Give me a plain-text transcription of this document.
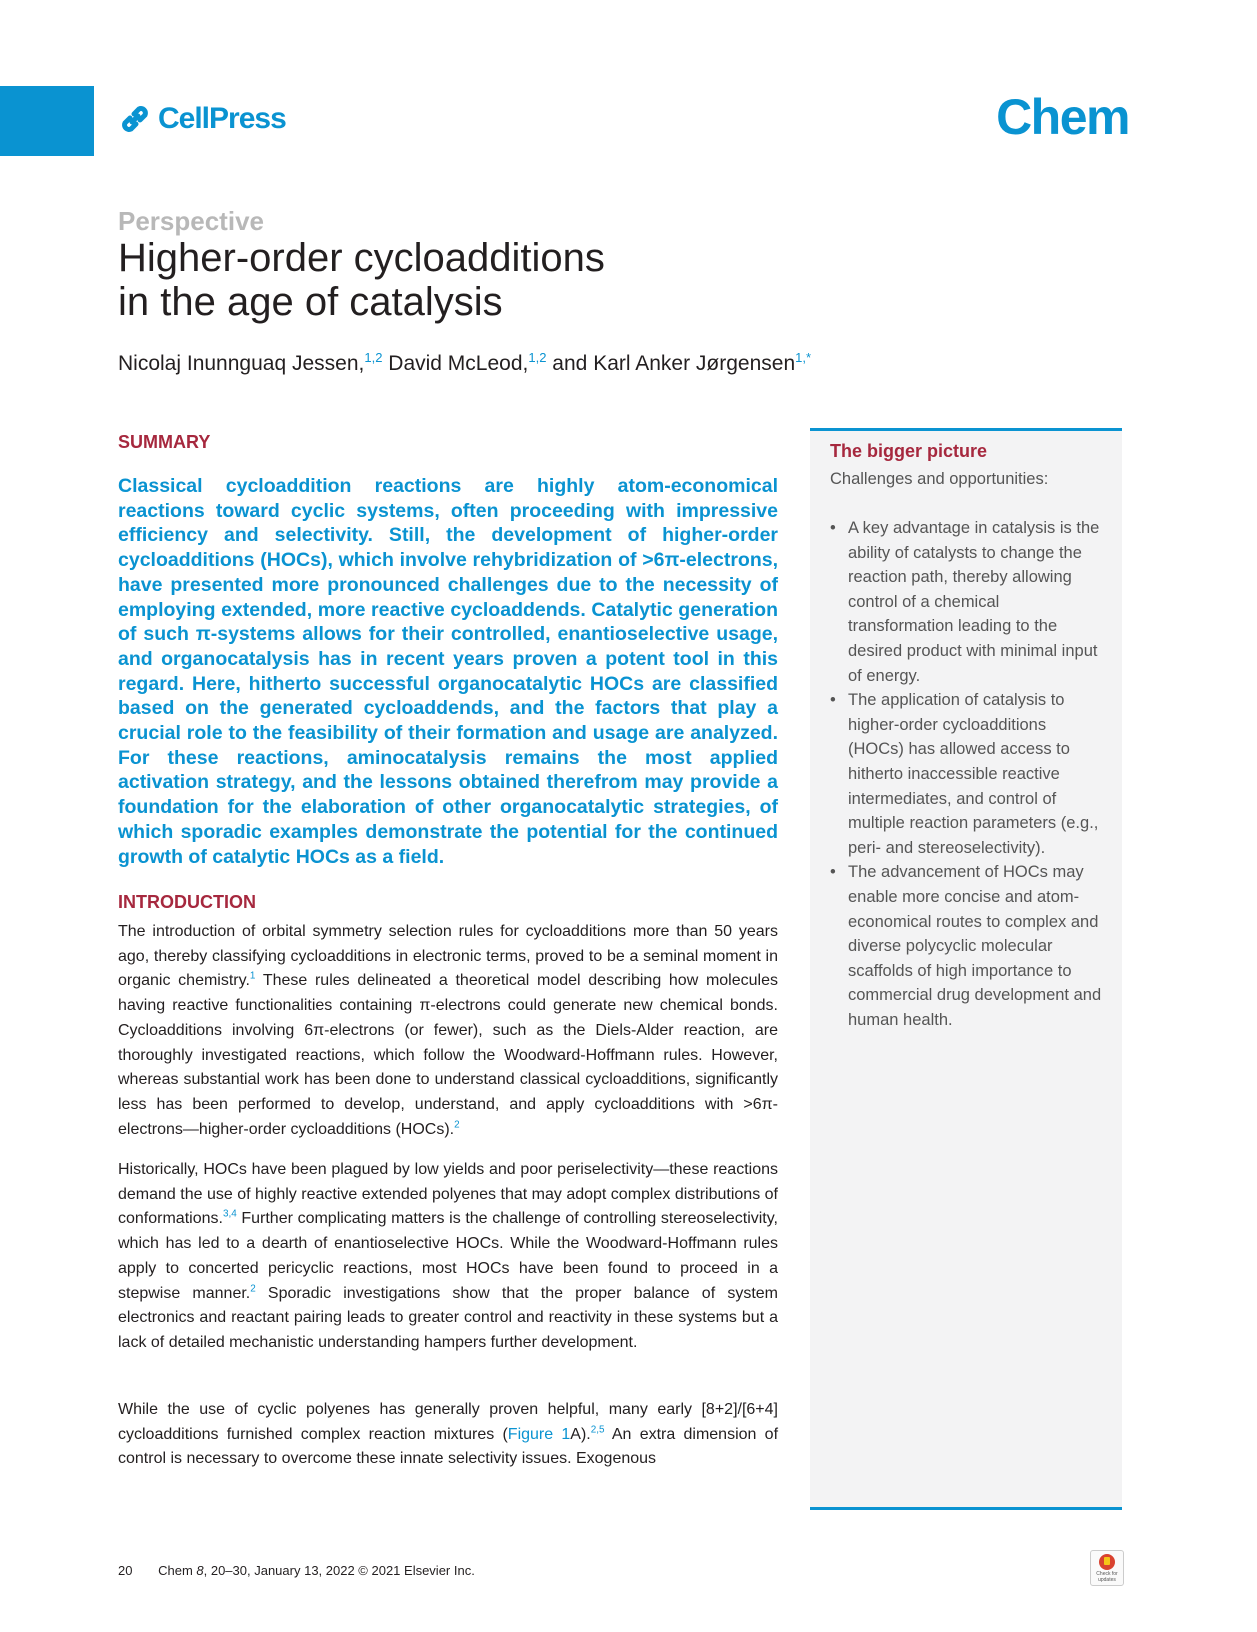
CellPress	Chem
Perspective
Higher-order cycloadditions
in the age of catalysis
Nicolaj Inunnguaq Jessen,$^{1,2}$ David McLeod,$^{1,2}$ and Karl Anker Jørgensen$^{1,*}$
SUMMARY

Classical cycloaddition reactions are highly atom-economical reactions toward cyclic systems, often proceeding with impressive efficiency and selectivity. Still, the development of higher-order cycloadditions (HOCs), which involve rehybridization of >6π-electrons, have presented more pronounced challenges due to the necessity of employing extended, more reactive cycloaddends. Catalytic generation of such π-systems allows for their controlled, enantioselective usage, and organocatalysis has in recent years proven a potent tool in this regard. Here, hitherto successful organocatalytic HOCs are classified based on the generated cycloaddends, and the factors that play a crucial role to the feasibility of their formation and usage are analyzed. For these reactions, aminocatalysis remains the most applied activation strategy, and the lessons obtained therefrom may provide a foundation for the elaboration of other organocatalytic strategies, of which sporadic examples demonstrate the potential for the continued growth of catalytic HOCs as a field.

INTRODUCTION

The introduction of orbital symmetry selection rules for cycloadditions more than 50 years ago, thereby classifying cycloadditions in electronic terms, proved to be a seminal moment in organic chemistry.$^1$ These rules delineated a theoretical model describing how molecules having reactive functionalities containing π-electrons could generate new chemical bonds. Cycloadditions involving 6π-electrons (or fewer), such as the Diels-Alder reaction, are thoroughly investigated reactions, which follow the Woodward-Hoffmann rules. However, whereas substantial work has been done to understand classical cycloadditions, significantly less has been performed to develop, understand, and apply cycloadditions with >6π-electrons—higher-order cycloadditions (HOCs).$^2$

Historically, HOCs have been plagued by low yields and poor periselectivity—these reactions demand the use of highly reactive extended polyenes that may adopt complex distributions of conformations.$^{3,4}$ Further complicating matters is the challenge of controlling stereoselectivity, which has led to a dearth of enantioselective HOCs. While the Woodward-Hoffmann rules apply to concerted pericyclic reactions, most HOCs have been found to proceed in a stepwise manner.$^2$ Sporadic investigations show that the proper balance of system electronics and reactant pairing leads to greater control and reactivity in these systems but a lack of detailed mechanistic understanding hampers further development.

While the use of cyclic polyenes has generally proven helpful, many early [8+2]/[6+4] cycloadditions furnished complex reaction mixtures (Figure 1A).$^{2,5}$ An extra dimension of control is necessary to overcome these innate selectivity issues. Exogenous

The bigger picture
Challenges and opportunities:
• A key advantage in catalysis is the ability of catalysts to change the reaction path, thereby allowing control of a chemical transformation leading to the desired product with minimal input of energy.
• The application of catalysis to higher-order cycloadditions (HOCs) has allowed access to hitherto inaccessible reactive intermediates, and control of multiple reaction parameters (e.g., peri- and stereoselectivity).
• The advancement of HOCs may enable more concise and atom-economical routes to complex and diverse polycyclic molecular scaffolds of high importance to commercial drug development and human health.
20 Chem 8, 20–30, January 13, 2022 © 2021 Elsevier Inc.	Check for updates
